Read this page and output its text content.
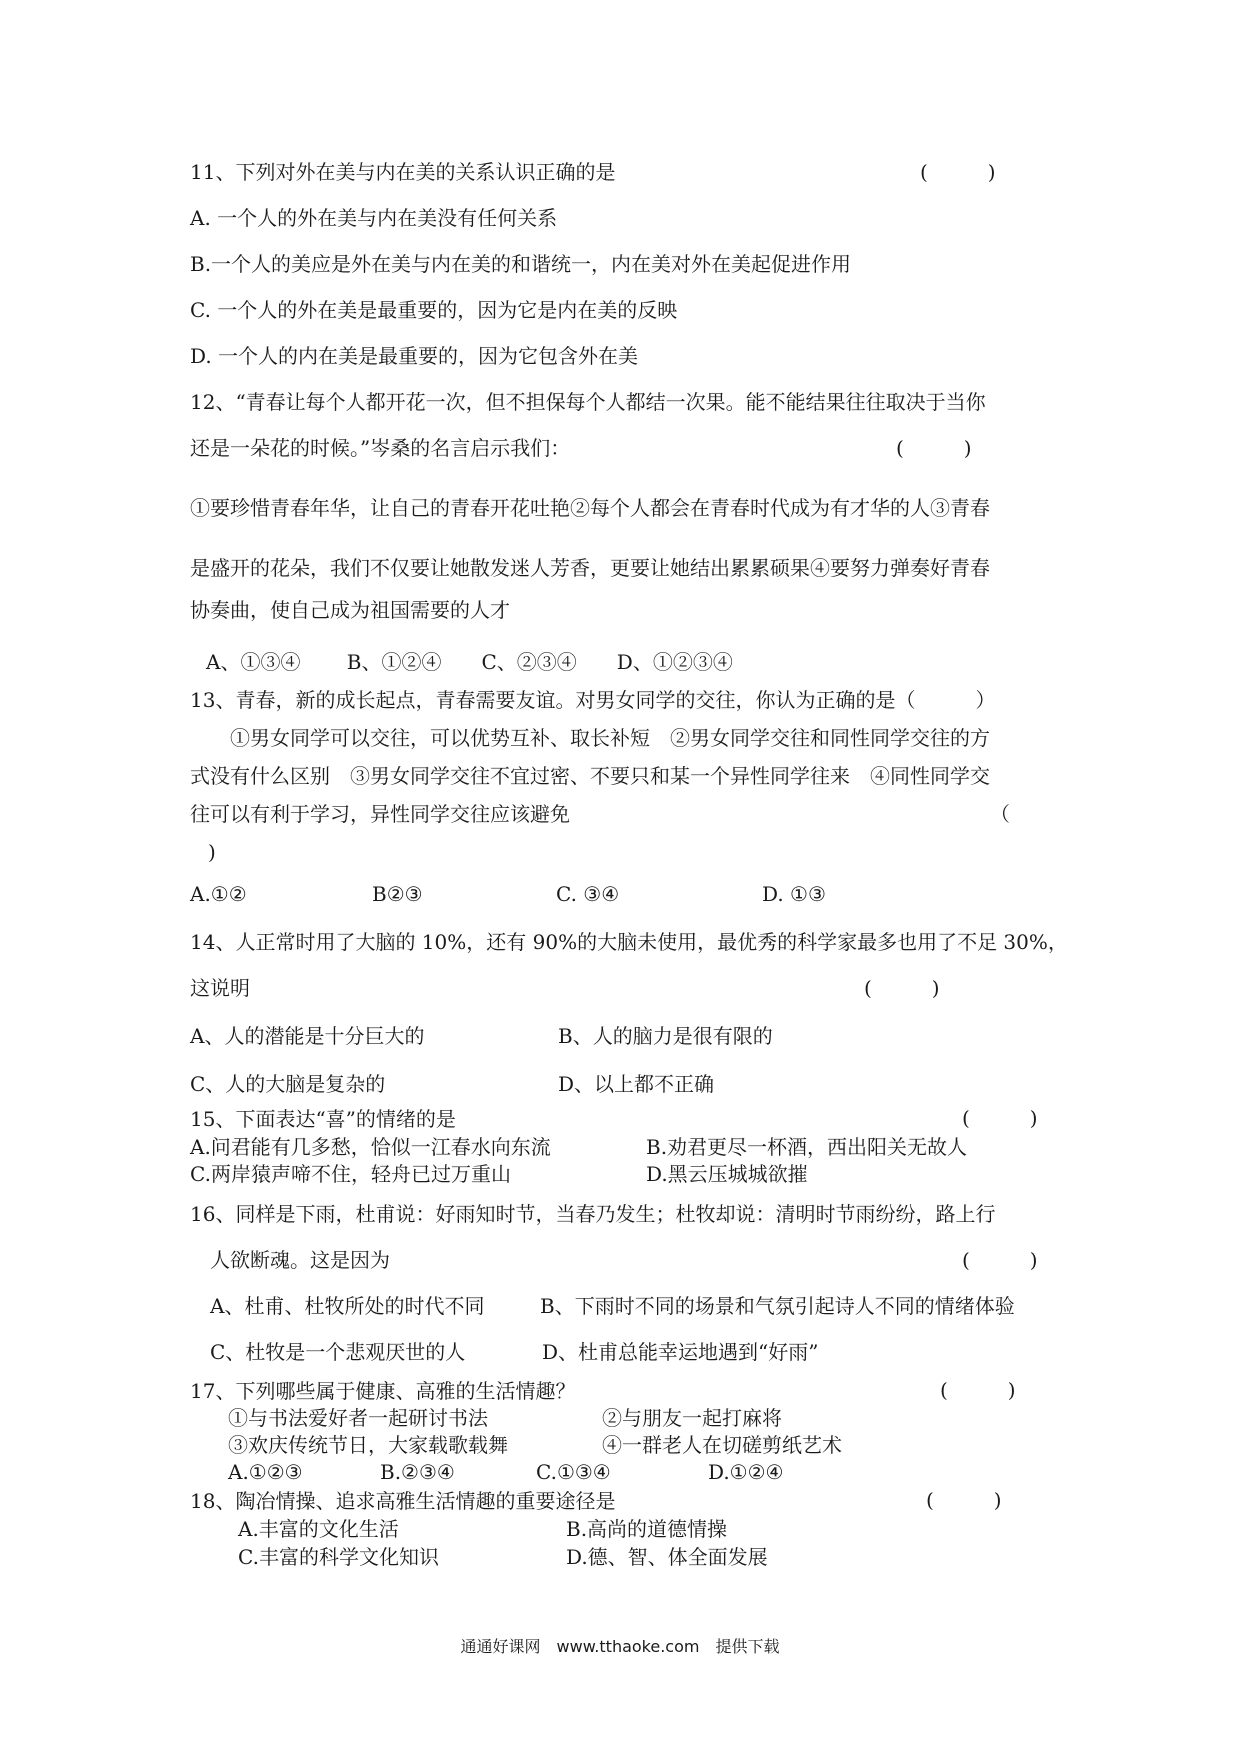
11、下列对外在美与内在美的关系认识正确的是	(　　　)
A. 一个人的外在美与内在美没有任何关系
B.一个人的美应是外在美与内在美的和谐统一，内在美对外在美起促进作用
C. 一个人的外在美是最重要的，因为它是内在美的反映
D. 一个人的内在美是最重要的，因为它包含外在美
12、“青春让每个人都开花一次，但不担保每个人都结一次果。能不能结果往往取决于当你
还是一朵花的时候。”岑桑的名言启示我们：	(　　　)
①要珍惜青春年华，让自己的青春开花吐艳②每个人都会在青春时代成为有才华的人③青春
是盛开的花朵，我们不仅要让她散发迷人芳香，更要让她结出累累硕果④要努力弹奏好青春
协奏曲，使自己成为祖国需要的人才
A、①③④　　 B、①②④　　C、②③④　　D、①②③④
13、青春，新的成长起点，青春需要友谊。对男女同学的交往，你认为正确的是（　　　）
①男女同学可以交往，可以优势互补、取长补短　②男女同学交往和同性同学交往的方
式没有什么区别　③男女同学交往不宜过密、不要只和某一个异性同学往来　④同性同学交
往可以有利于学习，异性同学交往应该避免	（
)
A.①②	B②③	C. ③④	D. ①③
14、人正常时用了大脑的 10%，还有 90%的大脑未使用，最优秀的科学家最多也用了不足 30%，
这说明	(　　　)
A、人的潜能是十分巨大的	B、人的脑力是很有限的
C、人的大脑是复杂的	D、以上都不正确
15、下面表达“喜”的情绪的是	(　　　)
A.问君能有几多愁，恰似一江春水向东流	B.劝君更尽一杯酒，西出阳关无故人
C.两岸猿声啼不住，轻舟已过万重山	D.黑云压城城欲摧
16、同样是下雨，杜甫说：好雨知时节，当春乃发生；杜牧却说：清明时节雨纷纷，路上行
人欲断魂。这是因为	(　　　)
A、杜甫、杜牧所处的时代不同	B、下雨时不同的场景和气氛引起诗人不同的情绪体验
C、杜牧是一个悲观厌世的人	D、杜甫总能幸运地遇到“好雨”
17、下列哪些属于健康、高雅的生活情趣？	(　　　)
①与书法爱好者一起研讨书法	②与朋友一起打麻将
③欢庆传统节日，大家载歌载舞	④一群老人在切磋剪纸艺术
A.①②③	B.②③④	C.①③④	D.①②④
18、陶冶情操、追求高雅生活情趣的重要途径是	(　　　)
A.丰富的文化生活	B.高尚的道德情操
C.丰富的科学文化知识	D.德、智、体全面发展
通通好课网　www.tthaoke.com　提供下载
